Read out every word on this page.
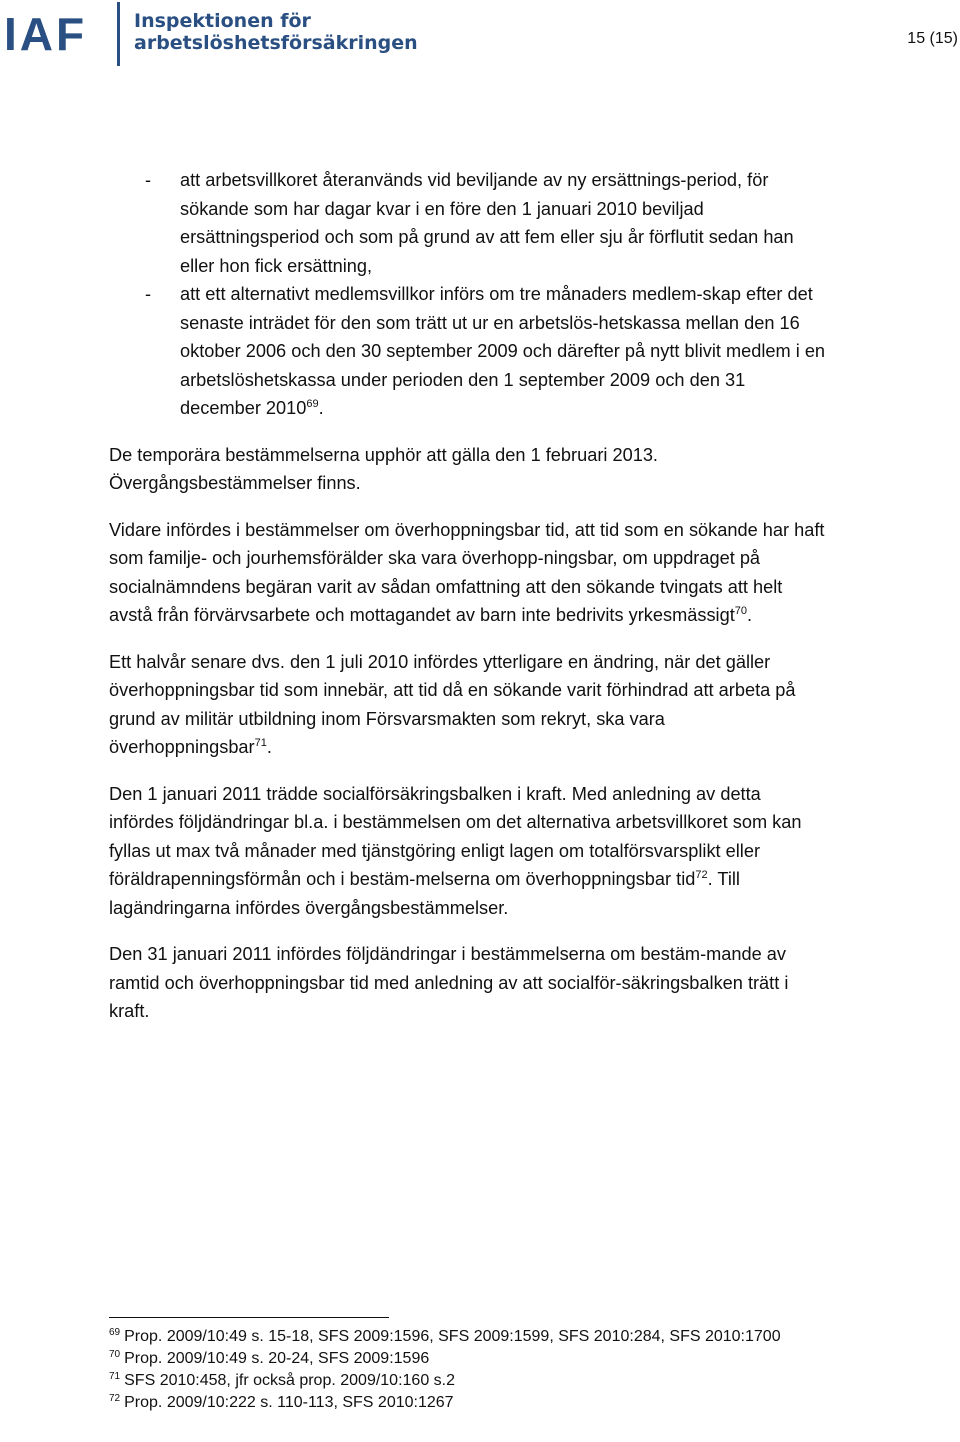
IAF Inspektionen för
arbetslöshetsförsäkringen	15 (15)
- att arbetsvillkoret återanvänds vid beviljande av ny ersättnings-period, för sökande som har dagar kvar i en före den 1 januari 2010 beviljad ersättningsperiod och som på grund av att fem eller sju år förflutit sedan han eller hon fick ersättning,
- att ett alternativt medlemsvillkor införs om tre månaders medlem-skap efter det senaste inträdet för den som trätt ut ur en arbetslös-hetskassa mellan den 16 oktober 2006 och den 30 september 2009 och därefter på nytt blivit medlem i en arbetslöshetskassa under perioden den 1 september 2009 och den 31 december 2010$^{69}$.

De temporära bestämmelserna upphör att gälla den 1 februari 2013. Övergångsbestämmelser finns.

Vidare infördes i bestämmelser om överhoppningsbar tid, att tid som en sökande har haft som familje- och jourhemsförälder ska vara överhopp-ningsbar, om uppdraget på socialnämndens begäran varit av sådan omfattning att den sökande tvingats att helt avstå från förvärvsarbete och mottagandet av barn inte bedrivits yrkesmässigt$^{70}$.

Ett halvår senare dvs. den 1 juli 2010 infördes ytterligare en ändring, när det gäller överhoppningsbar tid som innebär, att tid då en sökande varit förhindrad att arbeta på grund av militär utbildning inom Försvarsmakten som rekryt, ska vara överhoppningsbar$^{71}$.

Den 1 januari 2011 trädde socialförsäkringsbalken i kraft. Med anledning av detta infördes följdändringar bl.a. i bestämmelsen om det alternativa arbetsvillkoret som kan fyllas ut max två månader med tjänstgöring enligt lagen om totalförsvarsplikt eller föräldrapenningsförmån och i bestäm-melserna om överhoppningsbar tid$^{72}$. Till lagändringarna infördes övergångsbestämmelser.

Den 31 januari 2011 infördes följdändringar i bestämmelserna om bestäm-mande av ramtid och överhoppningsbar tid med anledning av att socialför-säkringsbalken trätt i kraft.

$^{69}$ Prop. 2009/10:49 s. 15-18, SFS 2009:1596, SFS 2009:1599, SFS 2010:284, SFS 2010:1700

$^{70}$ Prop. 2009/10:49 s. 20-24, SFS 2009:1596

$^{71}$ SFS 2010:458, jfr också prop. 2009/10:160 s.2

$^{72}$ Prop. 2009/10:222 s. 110-113, SFS 2010:1267
